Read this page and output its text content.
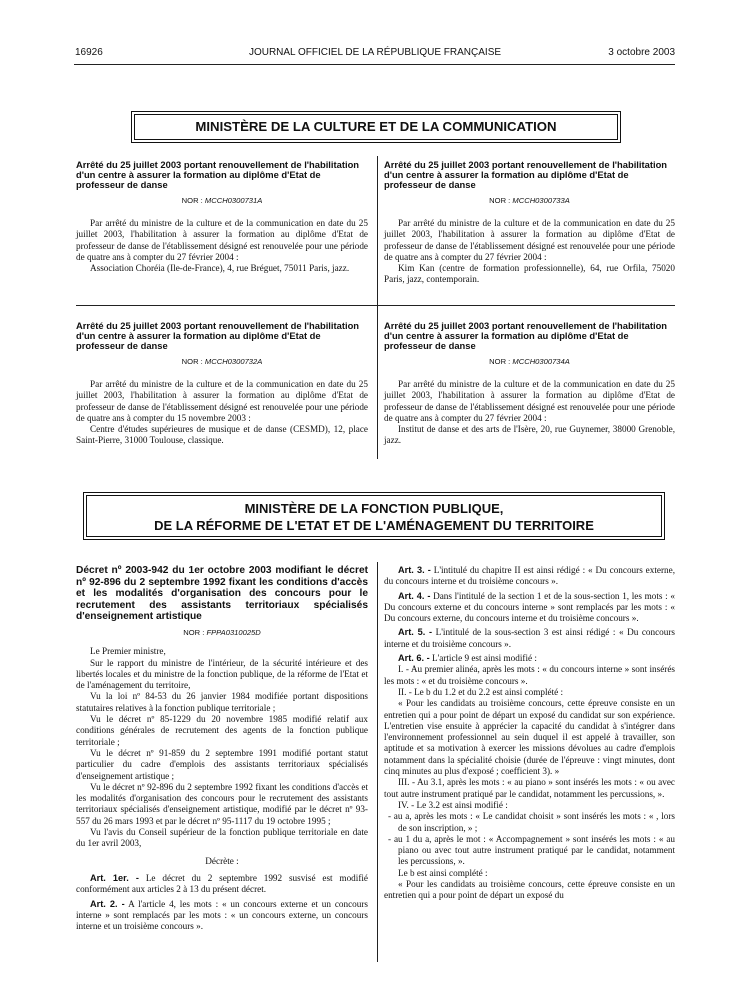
16926	JOURNAL OFFICIEL DE LA RÉPUBLIQUE FRANÇAISE	3 octobre 2003
MINISTÈRE DE LA CULTURE ET DE LA COMMUNICATION
Arrêté du 25 juillet 2003 portant renouvellement de l'habilitation d'un centre à assurer la formation au diplôme d'Etat de professeur de danse
NOR : MCCH0300731A

Par arrêté du ministre de la culture et de la communication en date du 25 juillet 2003, l'habilitation à assurer la formation au diplôme d'Etat de professeur de danse de l'établissement désigné est renouvelée pour une période de quatre ans à compter du 27 février 2004 :

Association Choréia (Ile-de-France), 4, rue Bréguet, 75011 Paris, jazz.

Arrêté du 25 juillet 2003 portant renouvellement de l'habilitation d'un centre à assurer la formation au diplôme d'Etat de professeur de danse
NOR : MCCH0300733A

Par arrêté du ministre de la culture et de la communication en date du 25 juillet 2003, l'habilitation à assurer la formation au diplôme d'Etat de professeur de danse de l'établissement désigné est renouvelée pour une période de quatre ans à compter du 27 février 2004 :

Kim Kan (centre de formation professionnelle), 64, rue Orfila, 75020 Paris, jazz, contemporain.

Arrêté du 25 juillet 2003 portant renouvellement de l'habilitation d'un centre à assurer la formation au diplôme d'Etat de professeur de danse
NOR : MCCH0300732A

Par arrêté du ministre de la culture et de la communication en date du 25 juillet 2003, l'habilitation à assurer la formation au diplôme d'Etat de professeur de danse de l'établissement désigné est renouvelée pour une période de quatre ans à compter du 15 novembre 2003 :

Centre d'études supérieures de musique et de danse (CESMD), 12, place Saint-Pierre, 31000 Toulouse, classique.

Arrêté du 25 juillet 2003 portant renouvellement de l'habilitation d'un centre à assurer la formation au diplôme d'Etat de professeur de danse
NOR : MCCH0300734A

Par arrêté du ministre de la culture et de la communication en date du 25 juillet 2003, l'habilitation à assurer la formation au diplôme d'Etat de professeur de danse de l'établissement désigné est renouvelée pour une période de quatre ans à compter du 27 février 2004 :

Institut de danse et des arts de l'Isère, 20, rue Guynemer, 38000 Grenoble, jazz.

MINISTÈRE DE LA FONCTION PUBLIQUE,
DE LA RÉFORME DE L'ETAT ET DE L'AMÉNAGEMENT DU TERRITOIRE
Décret nº 2003-942 du 1er octobre 2003 modifiant le décret nº 92-896 du 2 septembre 1992 fixant les conditions d'accès et les modalités d'organisation des concours pour le recrutement des assistants territoriaux spécialisés d'enseignement artistique
NOR : FPPA0310025D

Le Premier ministre,

Sur le rapport du ministre de l'intérieur, de la sécurité intérieure et des libertés locales et du ministre de la fonction publique, de la réforme de l'Etat et de l'aménagement du territoire,

Vu la loi nº 84-53 du 26 janvier 1984 modifiée portant dispositions statutaires relatives à la fonction publique territoriale ;

Vu le décret nº 85-1229 du 20 novembre 1985 modifié relatif aux conditions générales de recrutement des agents de la fonction publique territoriale ;

Vu le décret nº 91-859 du 2 septembre 1991 modifié portant statut particulier du cadre d'emplois des assistants territoriaux spécialisés d'enseignement artistique ;

Vu le décret nº 92-896 du 2 septembre 1992 fixant les conditions d'accès et les modalités d'organisation des concours pour le recrutement des assistants territoriaux spécialisés d'enseignement artistique, modifié par le décret nº 93-557 du 26 mars 1993 et par le décret nº 95-1117 du 19 octobre 1995 ;

Vu l'avis du Conseil supérieur de la fonction publique territoriale en date du 1er avril 2003,

Décrète :

Art. 1er. - Le décret du 2 septembre 1992 susvisé est modifié conformément aux articles 2 à 13 du présent décret.

Art. 2. - A l'article 4, les mots : « un concours externe et un concours interne » sont remplacés par les mots : « un concours externe, un concours interne et un troisième concours ».

Art. 3. - L'intitulé du chapitre II est ainsi rédigé : « Du concours externe, du concours interne et du troisième concours ».

Art. 4. - Dans l'intitulé de la section 1 et de la sous-section 1, les mots : « Du concours externe et du concours interne » sont remplacés par les mots : « Du concours externe, du concours interne et du troisième concours ».

Art. 5. - L'intitulé de la sous-section 3 est ainsi rédigé : « Du concours interne et du troisième concours ».

Art. 6. - L'article 9 est ainsi modifié :

I. - Au premier alinéa, après les mots : « du concours interne » sont insérés les mots : « et du troisième concours ».

II. - Le b du 1.2 et du 2.2 est ainsi complété :

« Pour les candidats au troisième concours, cette épreuve consiste en un entretien qui a pour point de départ un exposé du candidat sur son expérience. L'entretien vise ensuite à apprécier la capacité du candidat à s'intégrer dans l'environnement professionnel au sein duquel il est appelé à travailler, son aptitude et sa motivation à exercer les missions dévolues au cadre d'emplois notamment dans la spécialité choisie (durée de l'épreuve : vingt minutes, dont cinq minutes au plus d'exposé ; coefficient 3). »

III. - Au 3.1, après les mots : « au piano » sont insérés les mots : « ou avec tout autre instrument pratiqué par le candidat, notamment les percussions, ».

IV. - Le 3.2 est ainsi modifié :

- au a, après les mots : « Le candidat choisit » sont insérés les mots : « , lors de son inscription, » ;

- au 1 du a, après le mot : « Accompagnement » sont insérés les mots : « au piano ou avec tout autre instrument pratiqué par le candidat, notamment les percussions, ».

Le b est ainsi complété :

« Pour les candidats au troisième concours, cette épreuve consiste en un entretien qui a pour point de départ un exposé du
